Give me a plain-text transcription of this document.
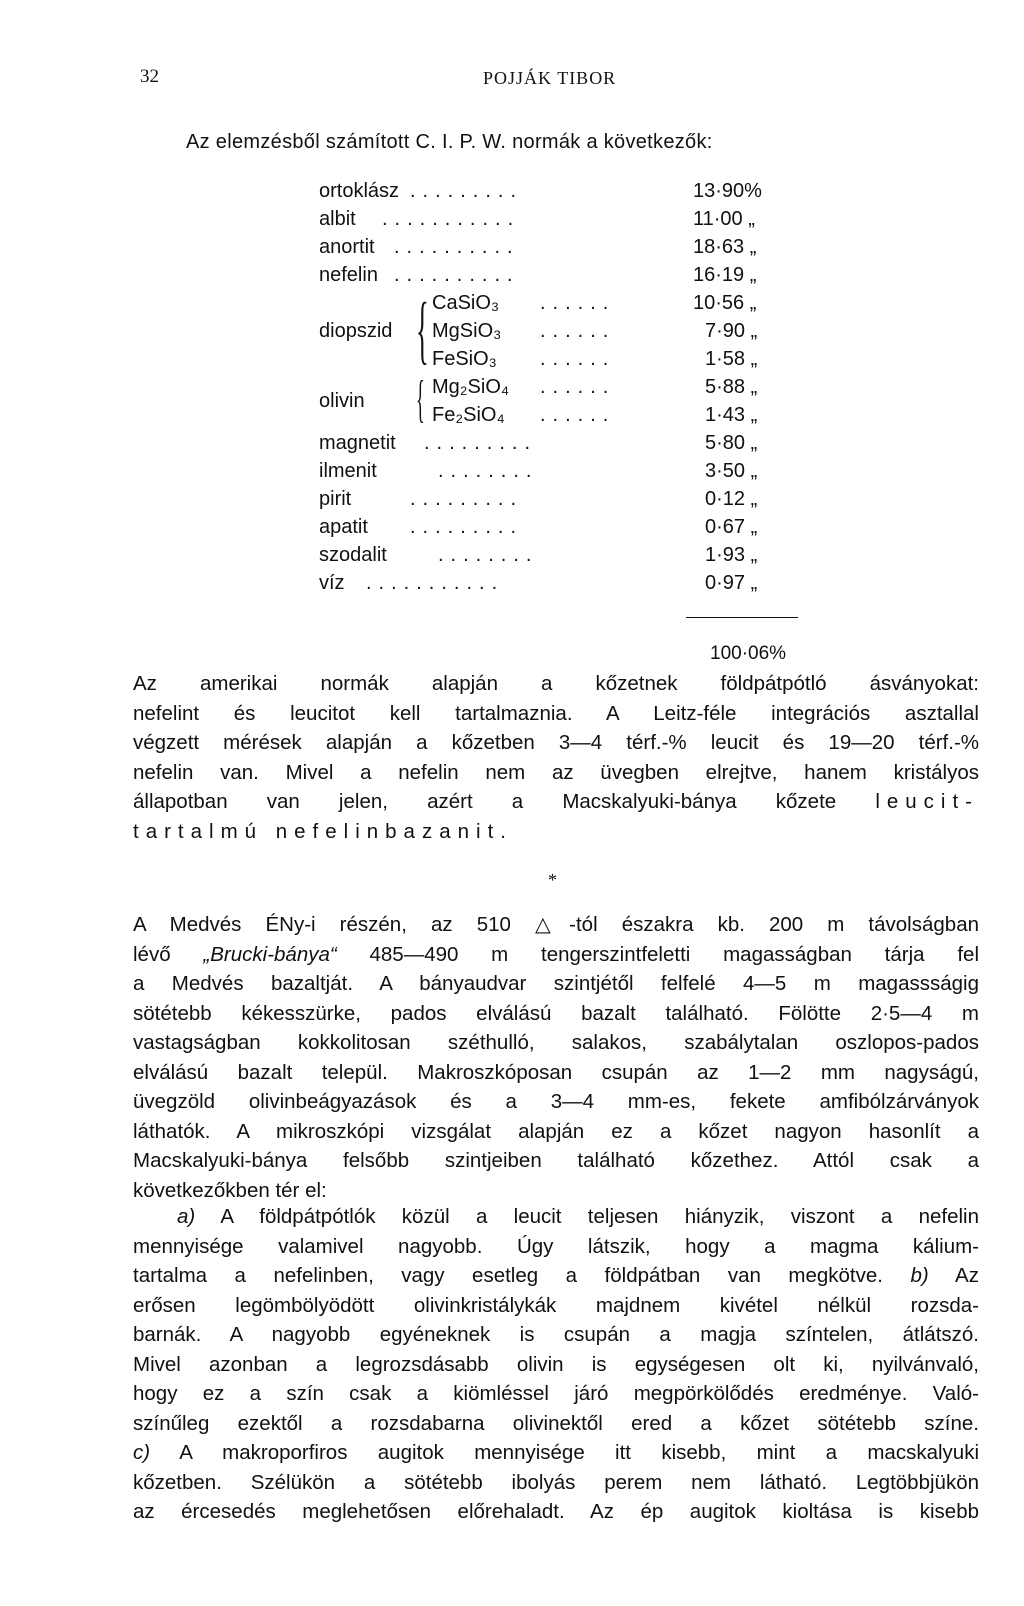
32	POJJÁK TIBOR
Az elemzésből számított C. I. P. W. normák a következők:
ortoklász .........	13·90%
albit ...........	11·00 „
anortit ..........	18·63 „
nefelin ..........	16·19 „
{
diopszid
CaSiO₃ ......	10·56 „
MgSiO₃ ......	7·90 „
FeSiO₃ ......	1·58 „
{
olivin
Mg₂SiO₄ ......	5·88 „
Fe₂SiO₄ ......	1·43 „
magnetit .........	5·80 „
ilmenit	........	3·50 „
pirit	.........	0·12 „
apatit .........	0·67 „
szodalit	........	1·93 „
víz ...........	0·97 „
100·06%
Az amerikai normák alapján a kőzetnek földpátpótló ásványokat:
nefelint és leucitot kell tartalmaznia. A Leitz-féle integrációs asztallal
végzett mérések alapján a kőzetben 3—4 térf.-% leucit és 19—20 térf.-%
nefelin van. Mivel a nefelin nem az üvegben elrejtve, hanem kristályos
állapotban van jelen, azért a Macskalyuki-bánya kőzete leucit-
tartalmú nefelinbazanit.
*
A Medvés ÉNy-i részén, az 510 △-tól északra kb. 200 m távolságban
lévő „Brucki-bánya“ 485—490 m tengerszintfeletti magasságban tárja fel
a Medvés bazaltját. A bányaudvar szintjétől felfelé 4—5 m magassságig
sötétebb kékesszürke, pados elválású bazalt található. Fölötte 2·5—4 m
vastagságban kokkolitosan széthulló, salakos, szabálytalan oszlopos-pados
elválású bazalt települ. Makroszkóposan csupán az 1—2 mm nagyságú,
üvegzöld olivinbeágyazások és a 3—4 mm-es, fekete amfibólzárványok
láthatók. A mikroszkópi vizsgálat alapján ez a kőzet nagyon hasonlít a
Macskalyuki-bánya felsőbb szintjeiben található kőzethez. Attól csak a
következőkben tér el:
a) A földpátpótlók közül a leucit teljesen hiányzik, viszont a nefelin
mennyisége valamivel nagyobb. Úgy látszik, hogy a magma kálium-
tartalma a nefelinben, vagy esetleg a földpátban van megkötve. b) Az
erősen legömbölyödött olivinkristálykák majdnem kivétel nélkül rozsda-
barnák. A nagyobb egyéneknek is csupán a magja színtelen, átlátszó.
Mivel azonban a legrozsdásabb olivin is egységesen olt ki, nyilvánvaló,
hogy ez a szín csak a kiömléssel járó megpörkölődés eredménye. Való-
színűleg ezektől a rozsdabarna olivinektől ered a kőzet sötétebb színe.
c) A makroporfiros augitok mennyisége itt kisebb, mint a macskalyuki
kőzetben. Szélükön a sötétebb ibolyás perem nem látható. Legtöbbjükön
az ércesedés meglehetősen előrehaladt. Az ép augitok kioltása is kisebb
